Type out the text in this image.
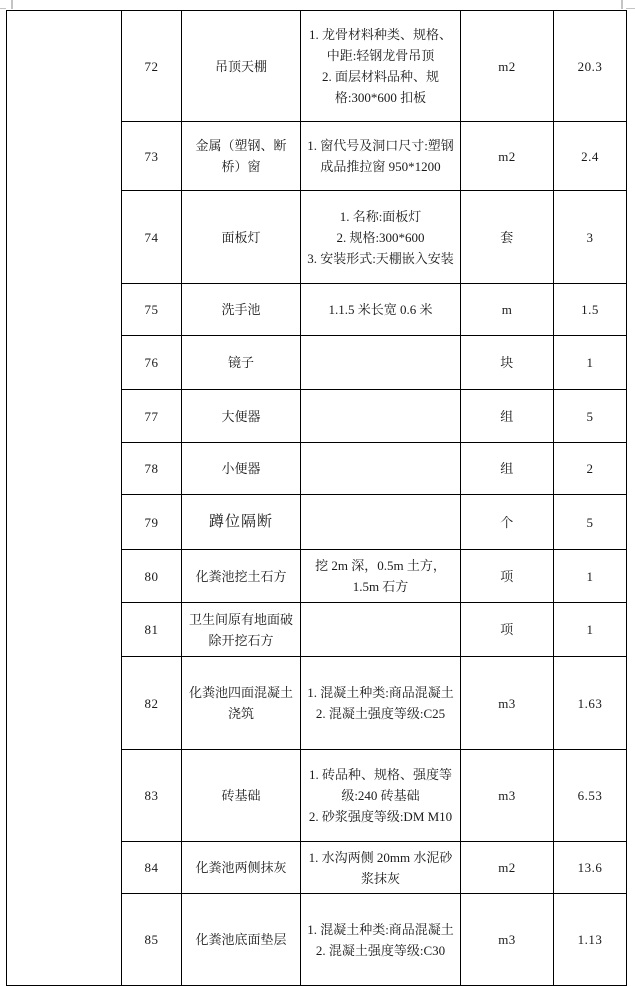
	72	吊顶天棚	1. 龙骨材料种类、规格、中距:轻钢龙骨吊顶
2. 面层材料品种、规格:300*600 扣板	m2	20.3
	73	金属（塑钢、断桥）窗	1. 窗代号及洞口尺寸:塑钢成品推拉窗 950*1200	m2	2.4
	74	面板灯	1. 名称:面板灯
2. 规格:300*600
3. 安装形式:天棚嵌入安装	套	3
	75	洗手池	1.1.5 米长宽 0.6 米	m	1.5
	76	镜子		块	1
	77	大便器		组	5
	78	小便器		组	2
	79	蹲位隔断		个	5
	80	化粪池挖土石方	挖 2m 深，0.5m 土方，1.5m 石方	项	1
	81	卫生间原有地面破除开挖石方		项	1
	82	化粪池四面混凝土浇筑	1. 混凝土种类:商品混凝土
2. 混凝土强度等级:C25	m3	1.63
	83	砖基础	1. 砖品种、规格、强度等级:240 砖基础
2. 砂浆强度等级:DM M10	m3	6.53
	84	化粪池两侧抹灰	1. 水沟两侧 20mm 水泥砂浆抹灰	m2	13.6
	85	化粪池底面垫层	1. 混凝土种类:商品混凝土
2. 混凝土强度等级:C30	m3	1.13
